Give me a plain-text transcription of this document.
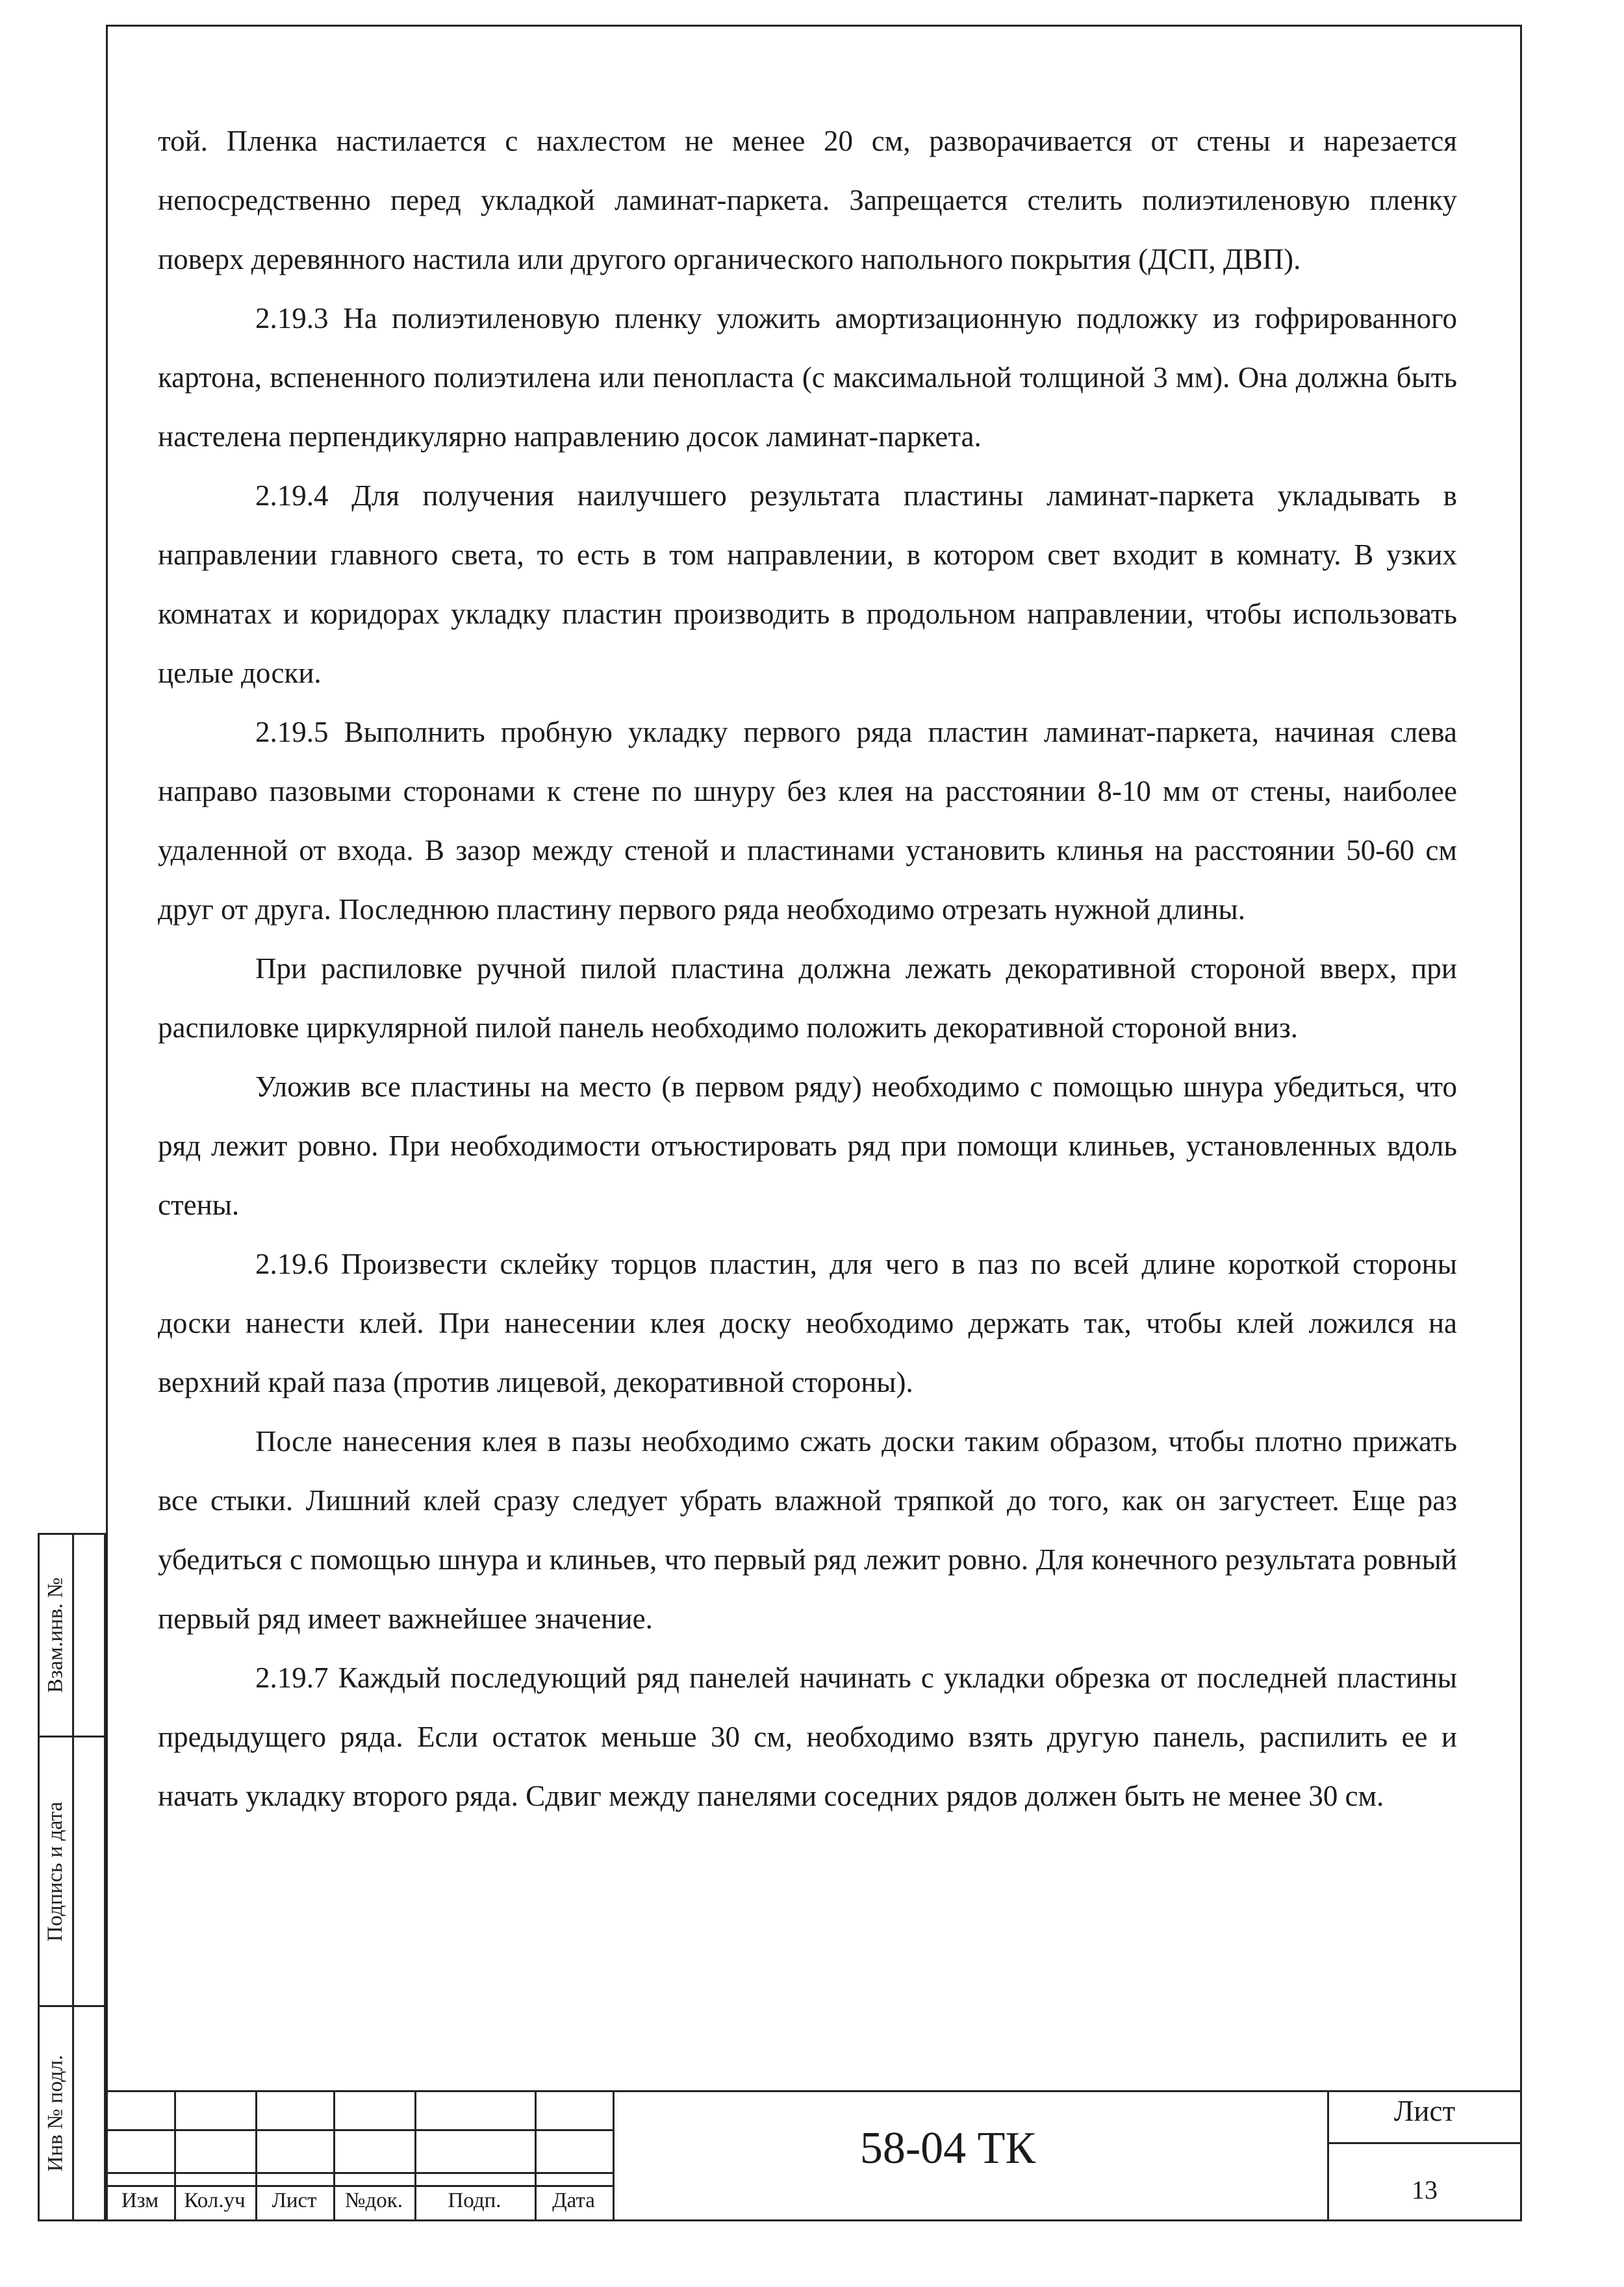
той. Пленка настилается с нахлестом не менее 20 см, разворачивается от стены и нарезается непосредственно перед укладкой ламинат-паркета. Запрещается стелить полиэтиленовую пленку поверх деревянного настила или другого органического напольного покрытия (ДСП, ДВП).

2.19.3 На полиэтиленовую пленку уложить амортизационную подложку из гофрированного картона, вспененного полиэтилена или пенопласта (с максимальной толщиной 3 мм). Она должна быть настелена перпендикулярно направлению досок ламинат-паркета.

2.19.4 Для получения наилучшего результата пластины ламинат-паркета укладывать в направлении главного света, то есть в том направлении, в котором свет входит в комнату. В узких комнатах и коридорах укладку пластин производить в продольном направлении, чтобы использовать целые доски.

2.19.5 Выполнить пробную укладку первого ряда пластин ламинат-паркета, начиная слева направо пазовыми сторонами к стене по шнуру без клея на расстоянии 8-10 мм от стены, наиболее удаленной от входа. В зазор между стеной и пластинами установить клинья на расстоянии 50-60 см друг от друга. Последнюю пластину первого ряда необходимо отрезать нужной длины.

При распиловке ручной пилой пластина должна лежать декоративной стороной вверх, при распиловке циркулярной пилой панель необходимо положить декоративной стороной вниз.

Уложив все пластины на место (в первом ряду) необходимо с помощью шнура убедиться, что ряд лежит ровно. При необходимости отъюстировать ряд при помощи клиньев, установленных вдоль стены.

2.19.6 Произвести склейку торцов пластин, для чего в паз по всей длине короткой стороны доски нанести клей. При нанесении клея доску необходимо держать так, чтобы клей ложился на верхний край паза (против лицевой, декоративной стороны).

После нанесения клея в пазы необходимо сжать доски таким образом, чтобы плотно прижать все стыки. Лишний клей сразу следует убрать влажной тряпкой до того, как он загустеет. Еще раз убедиться с помощью шнура и клиньев, что первый ряд лежит ровно. Для конечного результата ровный первый ряд имеет важнейшее значение.

2.19.7 Каждый последующий ряд панелей начинать с укладки обрезка от последней пластины предыдущего ряда. Если остаток меньше 30 см, необходимо взять другую панель, распилить ее и начать укладку второго ряда. Сдвиг между панелями соседних рядов должен быть не менее 30 см.

Взам.инв. №
Подпись и дата
Инв № подл.
Изм	Кол.уч	Лист	№док.	Подп.	Дата
58-04 ТК
Лист
13
